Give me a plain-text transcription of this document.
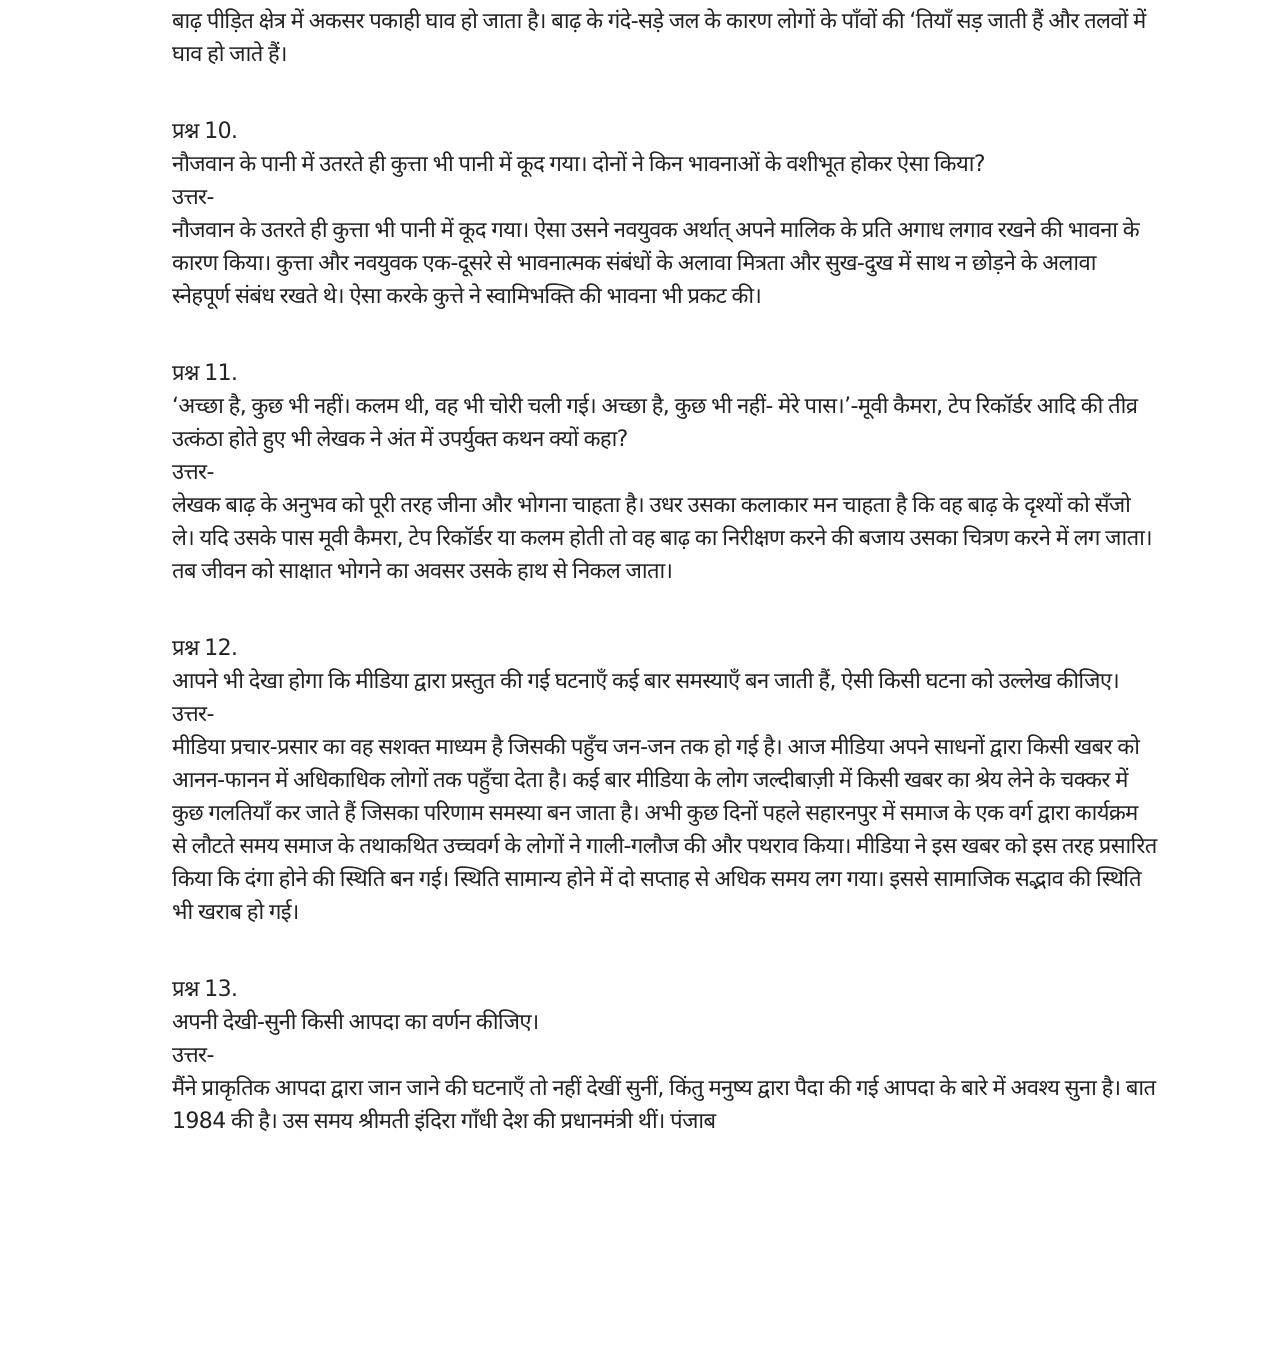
बाढ़ पीड़ित क्षेत्र में अकसर पकाही घाव हो जाता है। बाढ़ के गंदे-सड़े जल के कारण लोगों के पाँवों की ‘तियाँ सड़ जाती हैं और तलवों में घाव हो जाते हैं।

प्रश्न 10.

नौजवान के पानी में उतरते ही कुत्ता भी पानी में कूद गया। दोनों ने किन भावनाओं के वशीभूत होकर ऐसा किया?

उत्तर-

नौजवान के उतरते ही कुत्ता भी पानी में कूद गया। ऐसा उसने नवयुवक अर्थात् अपने मालिक के प्रति अगाध लगाव रखने की भावना के कारण किया। कुत्ता और नवयुवक एक-दूसरे से भावनात्मक संबंधों के अलावा मित्रता और सुख-दुख में साथ न छोड़ने के अलावा स्नेहपूर्ण संबंध रखते थे। ऐसा करके कुत्ते ने स्वामिभक्ति की भावना भी प्रकट की।

प्रश्न 11.

‘अच्छा है, कुछ भी नहीं। कलम थी, वह भी चोरी चली गई। अच्छा है, कुछ भी नहीं- मेरे पास।’-मूवी कैमरा, टेप रिकॉर्डर आदि की तीव्र उत्कंठा होते हुए भी लेखक ने अंत में उपर्युक्त कथन क्यों कहा?

उत्तर-

लेखक बाढ़ के अनुभव को पूरी तरह जीना और भोगना चाहता है। उधर उसका कलाकार मन चाहता है कि वह बाढ़ के दृश्यों को सँजो ले। यदि उसके पास मूवी कैमरा, टेप रिकॉर्डर या कलम होती तो वह बाढ़ का निरीक्षण करने की बजाय उसका चित्रण करने में लग जाता। तब जीवन को साक्षात भोगने का अवसर उसके हाथ से निकल जाता।

प्रश्न 12.

आपने भी देखा होगा कि मीडिया द्वारा प्रस्तुत की गई घटनाएँ कई बार समस्याएँ बन जाती हैं, ऐसी किसी घटना को उल्लेख कीजिए।

उत्तर-

मीडिया प्रचार-प्रसार का वह सशक्त माध्यम है जिसकी पहुँच जन-जन तक हो गई है। आज मीडिया अपने साधनों द्वारा किसी खबर को आनन-फानन में अधिकाधिक लोगों तक पहुँचा देता है। कई बार मीडिया के लोग जल्दीबाज़ी में किसी खबर का श्रेय लेने के चक्कर में कुछ गलतियाँ कर जाते हैं जिसका परिणाम समस्या बन जाता है। अभी कुछ दिनों पहले सहारनपुर में समाज के एक वर्ग द्वारा कार्यक्रम से लौटते समय समाज के तथाकथित उच्चवर्ग के लोगों ने गाली-गलौज की और पथराव किया। मीडिया ने इस खबर को इस तरह प्रसारित किया कि दंगा होने की स्थिति बन गई। स्थिति सामान्य होने में दो सप्ताह से अधिक समय लग गया। इससे सामाजिक सद्भाव की स्थिति भी खराब हो गई।

प्रश्न 13.

अपनी देखी-सुनी किसी आपदा का वर्णन कीजिए।

उत्तर-

मैंने प्राकृतिक आपदा द्वारा जान जाने की घटनाएँ तो नहीं देखीं सुनीं, किंतु मनुष्य द्वारा पैदा की गई आपदा के बारे में अवश्य सुना है। बात 1984 की है। उस समय श्रीमती इंदिरा गाँधी देश की प्रधानमंत्री थीं। पंजाब
